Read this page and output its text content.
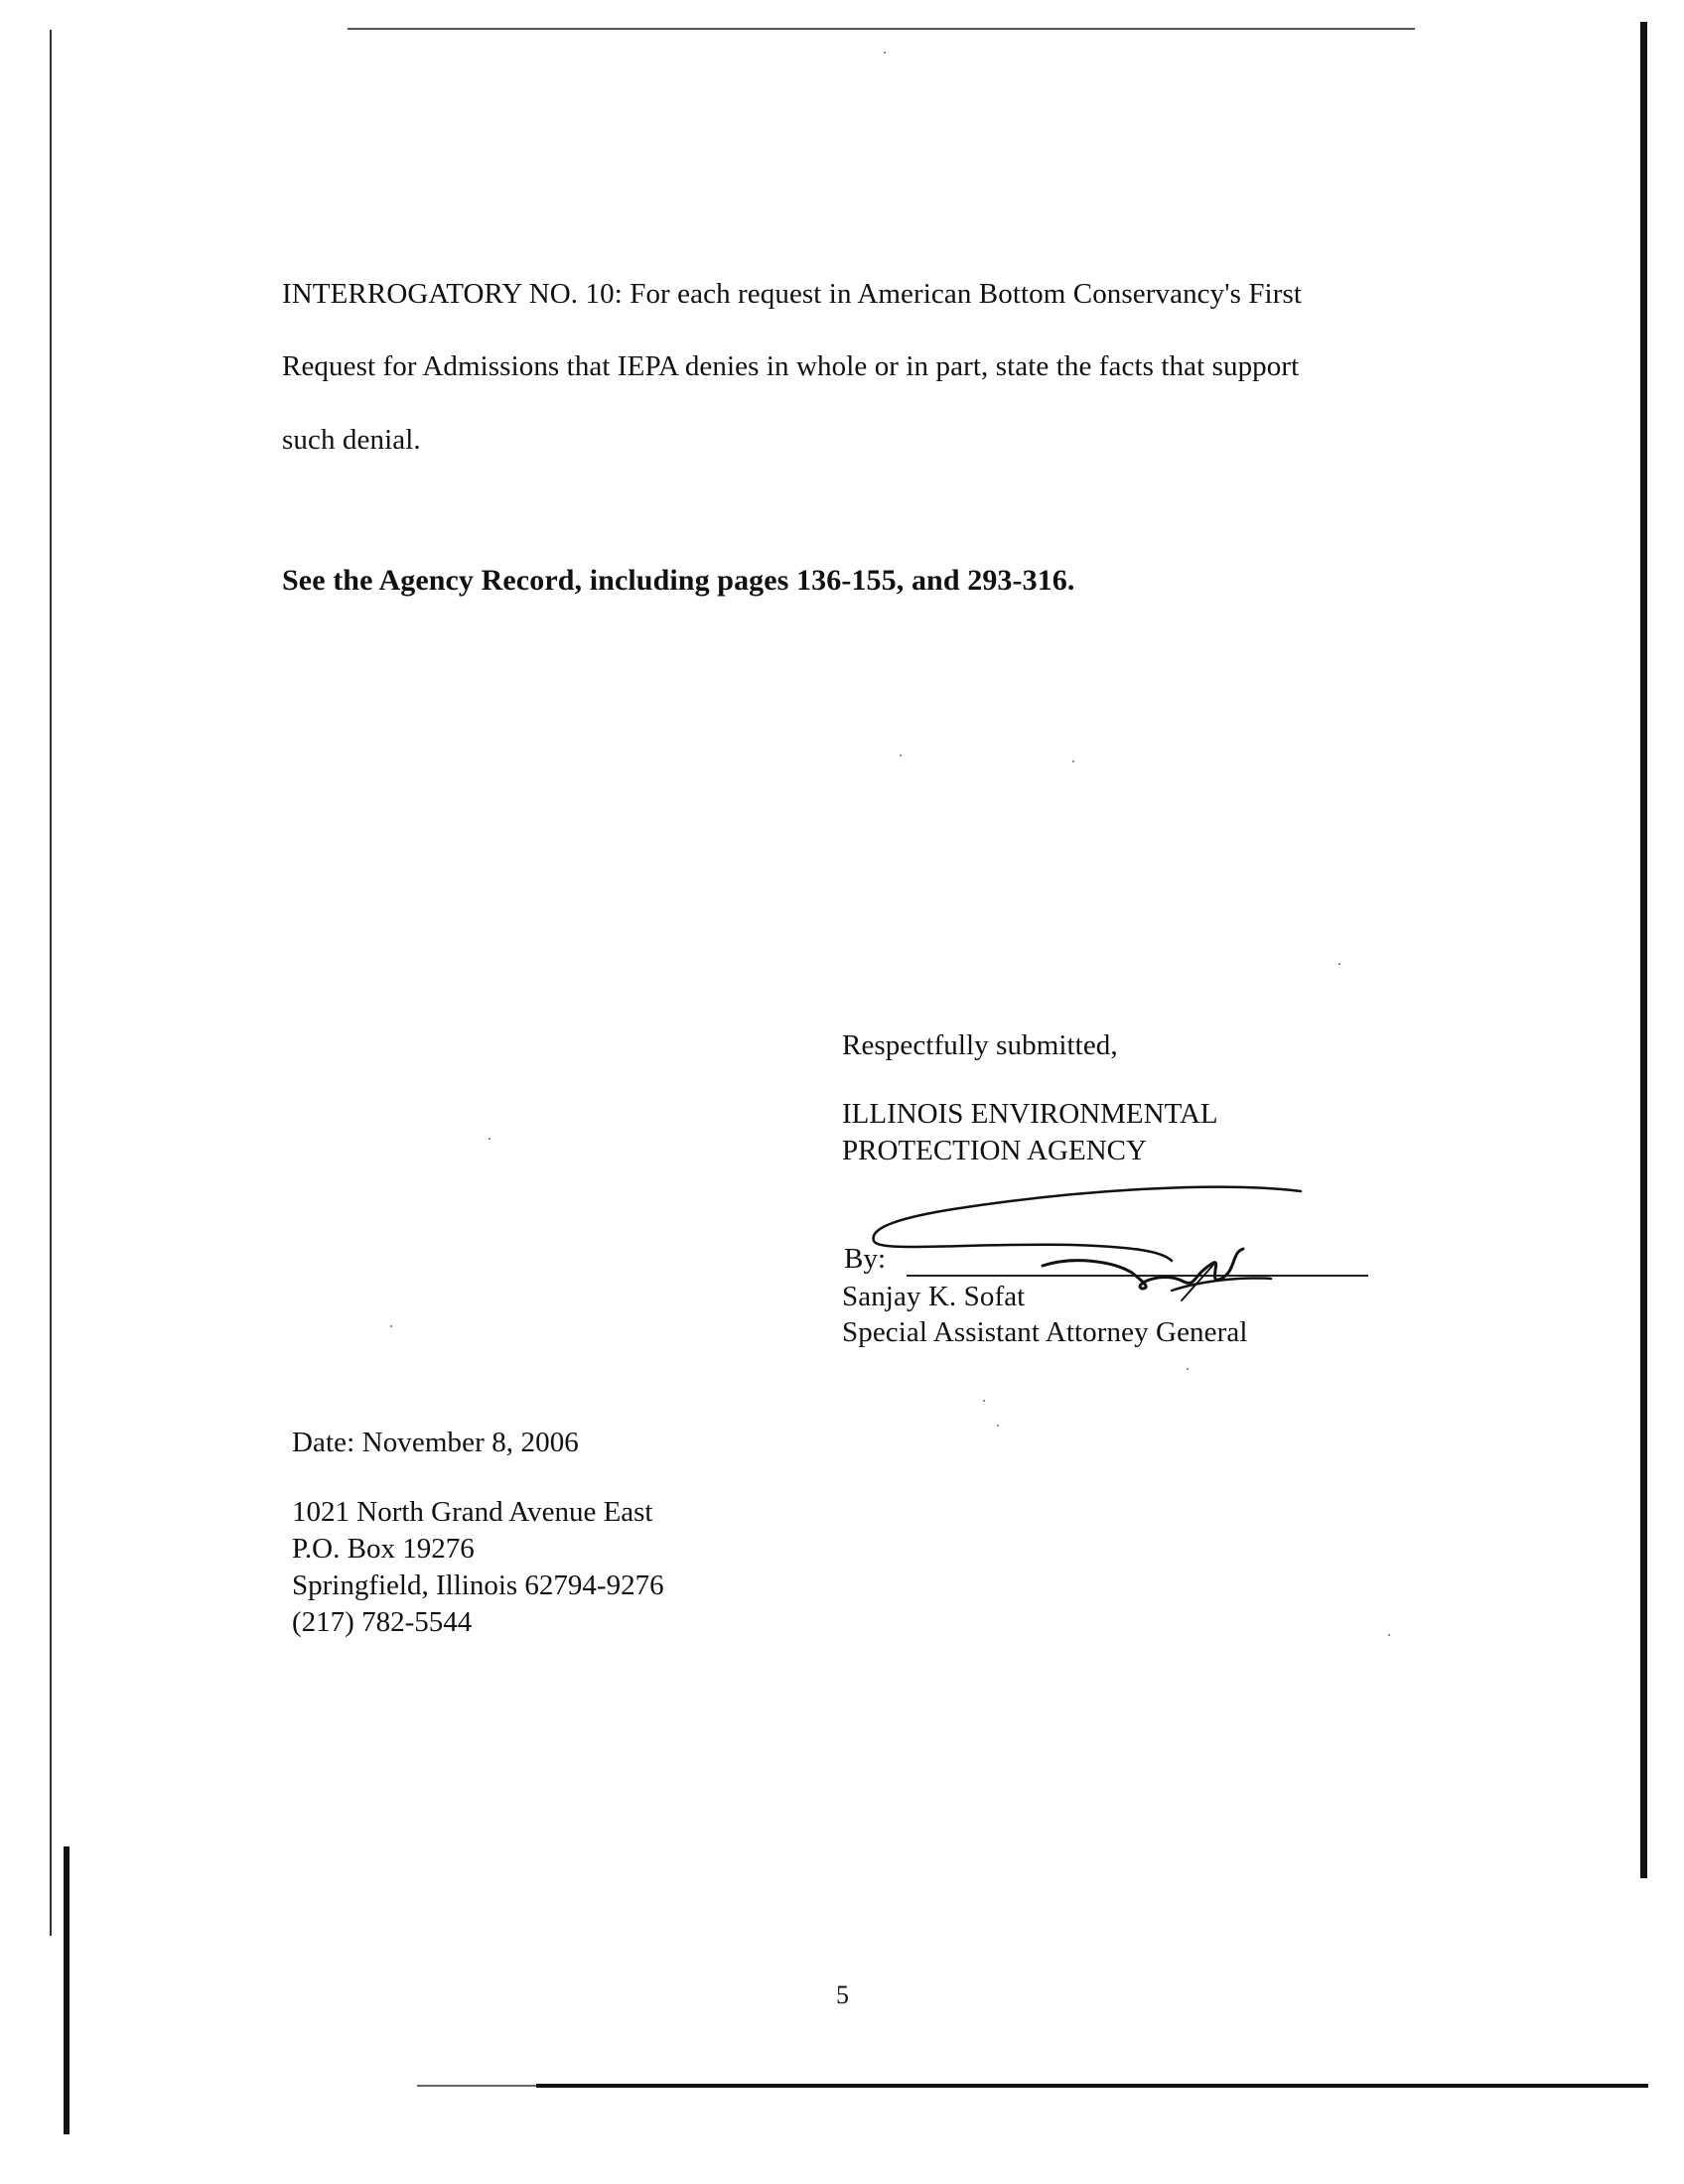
INTERROGATORY NO. 10: For each request in American Bottom Conservancy's First
Request for Admissions that IEPA denies in whole or in part, state the facts that support
such denial.
See the Agency Record, including pages 136-155, and 293-316.
Respectfully submitted,
ILLINOIS ENVIRONMENTAL
PROTECTION AGENCY
By:
Sanjay K. Sofat
Special Assistant Attorney General
Date: November 8, 2006
1021 North Grand Avenue East
P.O. Box 19276
Springfield, Illinois 62794-9276
(217) 782-5544
5
